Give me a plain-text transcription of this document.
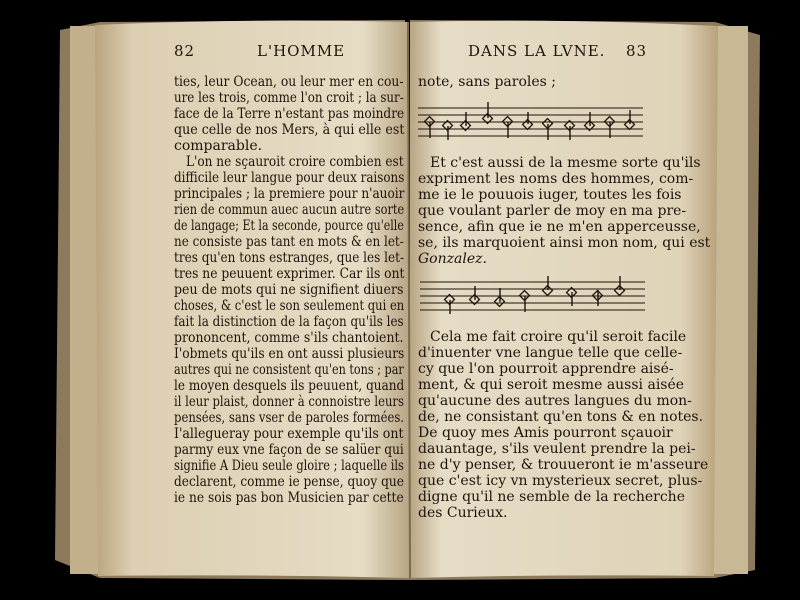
82	L'HOMME
ties, leur Ocean, ou leur mer en cou-
ure les trois, comme l'on croit ; la sur-
face de la Terre n'estant pas moindre
que celle de nos Mers, à qui elle est
comparable.
L'on ne sçauroit croire combien est
difficile leur langue pour deux raisons
principales ; la premiere pour n'auoir
rien de commun auec aucun autre sorte
de langage; Et la seconde, pource qu'elle
ne consiste pas tant en mots & en let-
tres qu'en tons estranges, que les let-
tres ne peuuent exprimer. Car ils ont
peu de mots qui ne signifient diuers
choses, & c'est le son seulement qui en
fait la distinction de la façon qu'ils les
prononcent, comme s'ils chantoient.
I'obmets qu'ils en ont aussi plusieurs
autres qui ne consistent qu'en tons ; par
le moyen desquels ils peuuent, quand
il leur plaist, donner à connoistre leurs
pensées, sans vser de paroles formées.
I'allegueray pour exemple qu'ils ont
parmy eux vne façon de se salüer qui
signifie A Dieu seule gloire ; laquelle ils
declarent, comme ie pense, quoy que
ie ne sois pas bon Musicien par cette
DANS LA LVNE. 83
note, sans paroles ;
Et c'est aussi de la mesme sorte qu'ils
expriment les noms des hommes, com-
me ie le pouuois iuger, toutes les fois
que voulant parler de moy en ma pre-
sence, afin que ie ne m'en apperceusse,
se, ils marquoient ainsi mon nom, qui est
Gonzalez.
Cela me fait croire qu'il seroit facile
d'inuenter vne langue telle que celle-
cy que l'on pourroit apprendre aisé-
ment, & qui seroit mesme aussi aisée
qu'aucune des autres langues du mon-
de, ne consistant qu'en tons & en notes.
De quoy mes Amis pourront sçauoir
dauantage, s'ils veulent prendre la pei-
ne d'y penser, & trouueront ie m'asseure
que c'est icy vn mysterieux secret, plus-
digne qu'il ne semble de la recherche
des Curieux.
